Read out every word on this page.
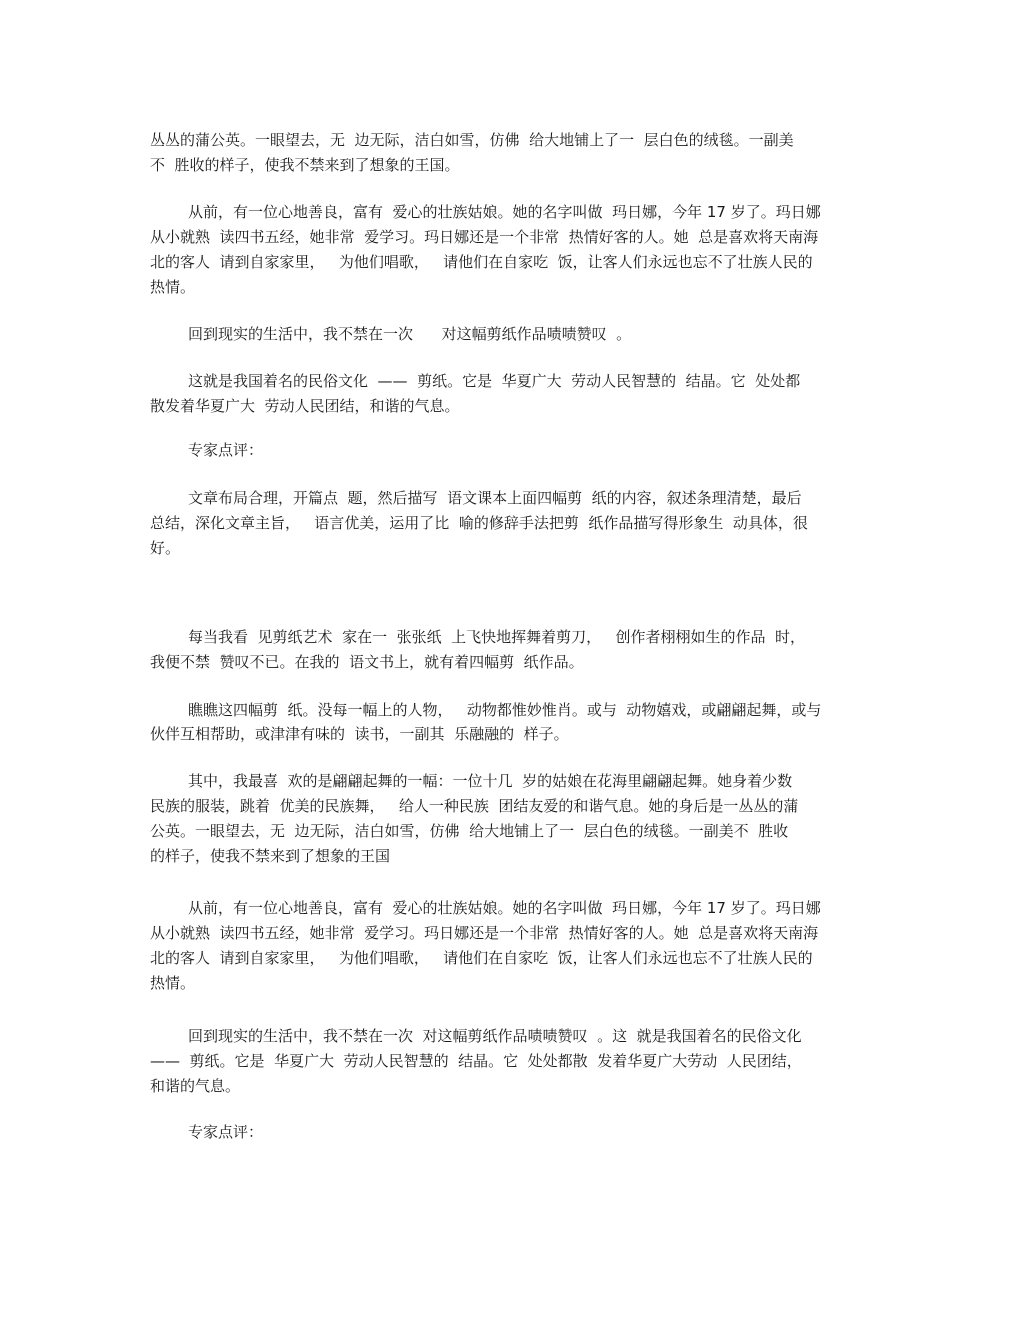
丛丛的蒲公英。一眼望去，无  边无际，洁白如雪，仿佛  给大地铺上了一  层白色的绒毯。一副美

不  胜收的样子，使我不禁来到了想象的王国。

从前，有一位心地善良，富有  爱心的壮族姑娘。她的名字叫做  玛日娜，今年 17 岁了。玛日娜

从小就熟  读四书五经，她非常  爱学习。玛日娜还是一个非常  热情好客的人。她  总是喜欢将天南海

北的客人  请到自家家里，   为他们唱歌，   请他们在自家吃  饭，让客人们永远也忘不了壮族人民的

热情。

回到现实的生活中，我不禁在一次      对这幅剪纸作品啧啧赞叹  。

这就是我国着名的民俗文化  ——  剪纸。它是  华夏广大  劳动人民智慧的  结晶。它  处处都

散发着华夏广大  劳动人民团结，和谐的气息。

专家点评：

文章布局合理，开篇点  题，然后描写  语文课本上面四幅剪  纸的内容，叙述条理清楚，最后

总结，深化文章主旨，   语言优美，运用了比  喻的修辞手法把剪  纸作品描写得形象生  动具体，很

好。

每当我看  见剪纸艺术  家在一  张张纸  上飞快地挥舞着剪刀，   创作者栩栩如生的作品  时，

我便不禁  赞叹不已。在我的  语文书上，就有着四幅剪  纸作品。

瞧瞧这四幅剪  纸。没每一幅上的人物，   动物都惟妙惟肖。或与  动物嬉戏，或翩翩起舞，或与

伙伴互相帮助，或津津有味的  读书，一副其  乐融融的  样子。

其中，我最喜  欢的是翩翩起舞的一幅：一位十几  岁的姑娘在花海里翩翩起舞。她身着少数

民族的服装，跳着  优美的民族舞，   给人一种民族  团结友爱的和谐气息。她的身后是一丛丛的蒲

公英。一眼望去，无  边无际，洁白如雪，仿佛  给大地铺上了一  层白色的绒毯。一副美不  胜收

的样子，使我不禁来到了想象的王国

从前，有一位心地善良，富有  爱心的壮族姑娘。她的名字叫做  玛日娜，今年 17 岁了。玛日娜

从小就熟  读四书五经，她非常  爱学习。玛日娜还是一个非常  热情好客的人。她  总是喜欢将天南海

北的客人  请到自家家里，   为他们唱歌，   请他们在自家吃  饭，让客人们永远也忘不了壮族人民的

热情。

回到现实的生活中，我不禁在一次  对这幅剪纸作品啧啧赞叹  。这  就是我国着名的民俗文化

——  剪纸。它是  华夏广大  劳动人民智慧的  结晶。它  处处都散  发着华夏广大劳动  人民团结，

和谐的气息。

专家点评：
